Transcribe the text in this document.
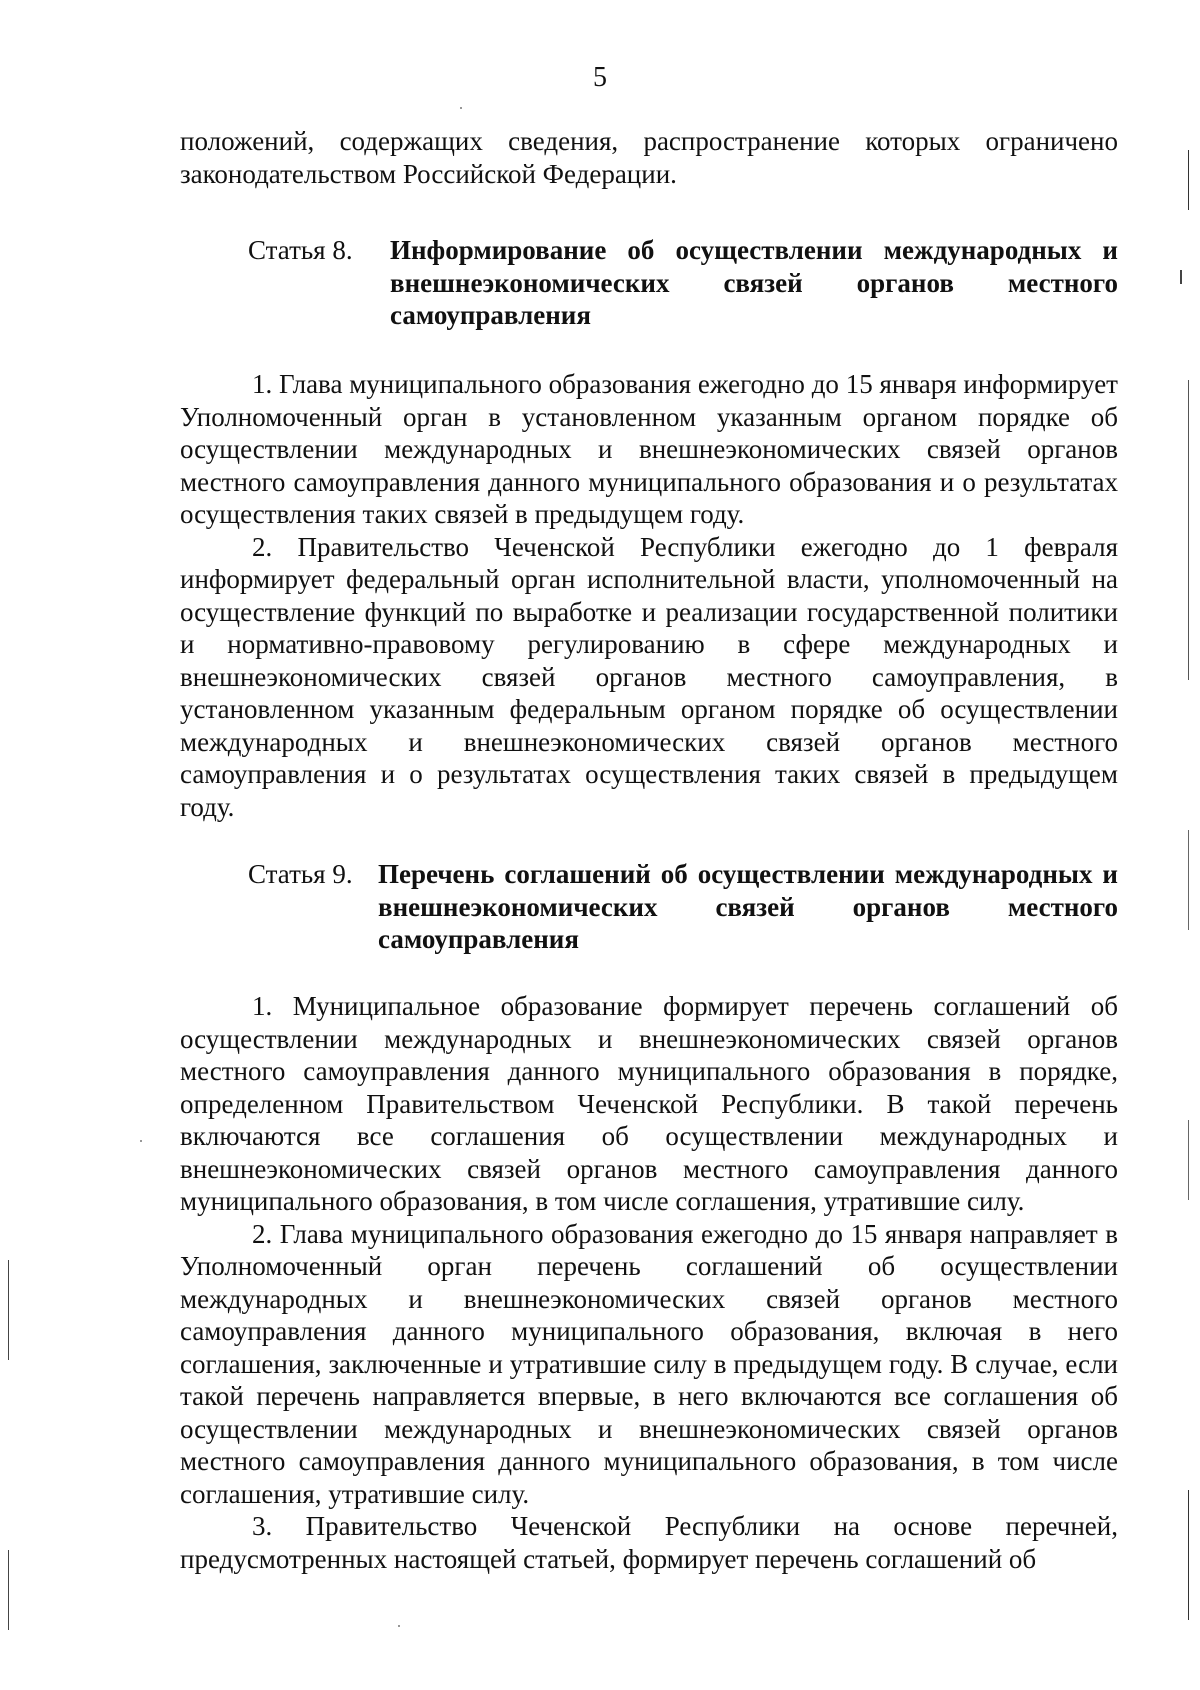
5

положений, содержащих сведения, распространение которых ограничено законодательством Российской Федерации.

Статья 8.	Информирование об осуществлении международных и внешнеэкономических связей органов местного самоуправления

1. Глава муниципального образования ежегодно до 15 января информирует Уполномоченный орган в установленном указанным органом порядке об осуществлении международных и внешнеэкономических связей органов местного самоуправления данного муниципального образования и о результатах осуществления таких связей в предыдущем году.

2. Правительство Чеченской Республики ежегодно до 1 февраля информирует федеральный орган исполнительной власти, уполномоченный на осуществление функций по выработке и реализации государственной политики и нормативно-правовому регулированию в сфере международных и внешнеэкономических связей органов местного самоуправления, в установленном указанным федеральным органом порядке об осуществлении международных и внешнеэкономических связей органов местного самоуправления и о результатах осуществления таких связей в предыдущем году.

Статья 9. Перечень соглашений об осуществлении международных и внешнеэкономических связей органов местного самоуправления

1. Муниципальное образование формирует перечень соглашений об осуществлении международных и внешнеэкономических связей органов местного самоуправления данного муниципального образования в порядке, определенном Правительством Чеченской Республики. В такой перечень включаются все соглашения об осуществлении международных и внешнеэкономических связей органов местного самоуправления данного муниципального образования, в том числе соглашения, утратившие силу.

2. Глава муниципального образования ежегодно до 15 января направляет в Уполномоченный орган перечень соглашений об осуществлении международных и внешнеэкономических связей органов местного самоуправления данного муниципального образования, включая в него соглашения, заключенные и утратившие силу в предыдущем году. В случае, если такой перечень направляется впервые, в него включаются все соглашения об осуществлении международных и внешнеэкономических связей органов местного самоуправления данного муниципального образования, в том числе соглашения, утратившие силу.

3. Правительство Чеченской Республики на основе перечней, предусмотренных настоящей статьей, формирует перечень соглашений об
